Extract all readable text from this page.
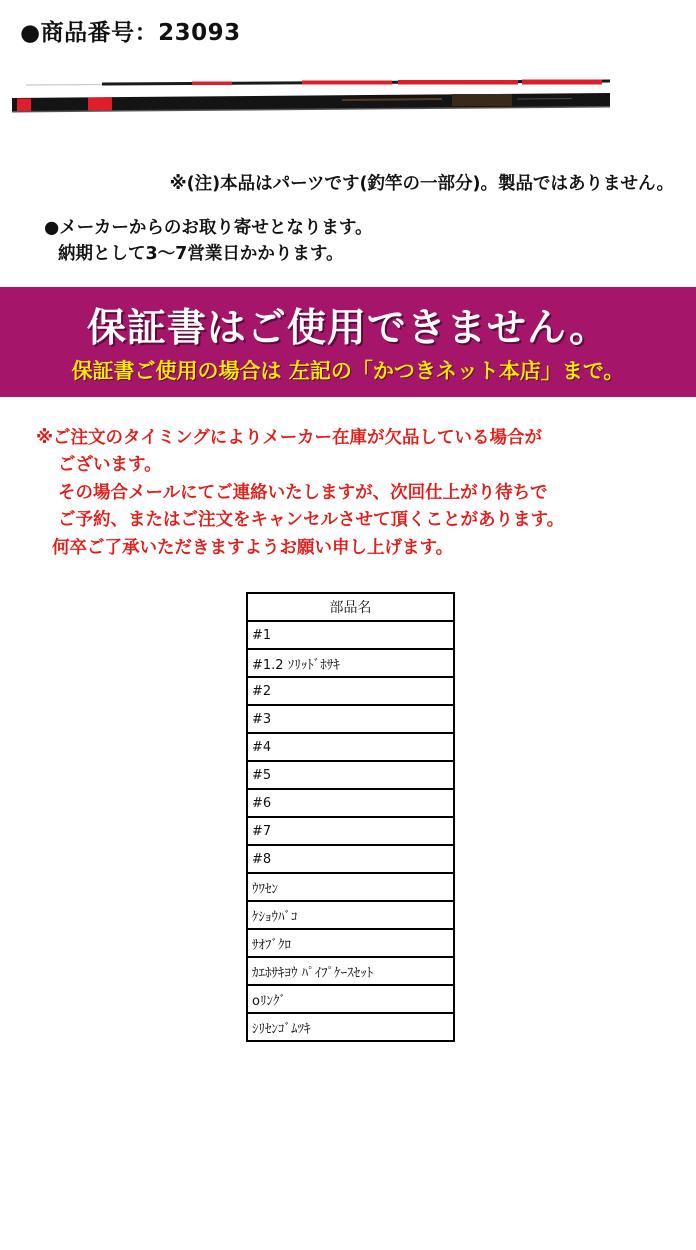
●商品番号：23093
※(注)本品はパーツです(釣竿の一部分)。製品ではありません。
●メーカーからのお取り寄せとなります。
納期として3〜7営業日かかります。
保証書はご使用できません。
保証書ご使用の場合は 左記の「かつきネット本店」まで。
※ご注文のタイミングによりメーカー在庫が欠品している場合が
ございます。
その場合メールにてご連絡いたしますが、次回仕上がり待ちで
ご予約、またはご注文をキャンセルさせて頂くことがあります。
何卒ご了承いただきますようお願い申し上げます。
部品名
#1
#1.2 ｿﾘｯﾄﾞﾎｻｷ
#2
#3
#4
#5
#6
#7
#8
ｳﾜｾﾝ
ｹｼｮｳﾊﾞｺ
ｻｵﾌﾞｸﾛ
ｶｴﾎｻｷﾖｳ ﾊﾟｲﾌﾟｹｰｽｾｯﾄ
oﾘﾝｸﾞ
ｼﾘｾﾝｺﾞﾑﾂｷ
